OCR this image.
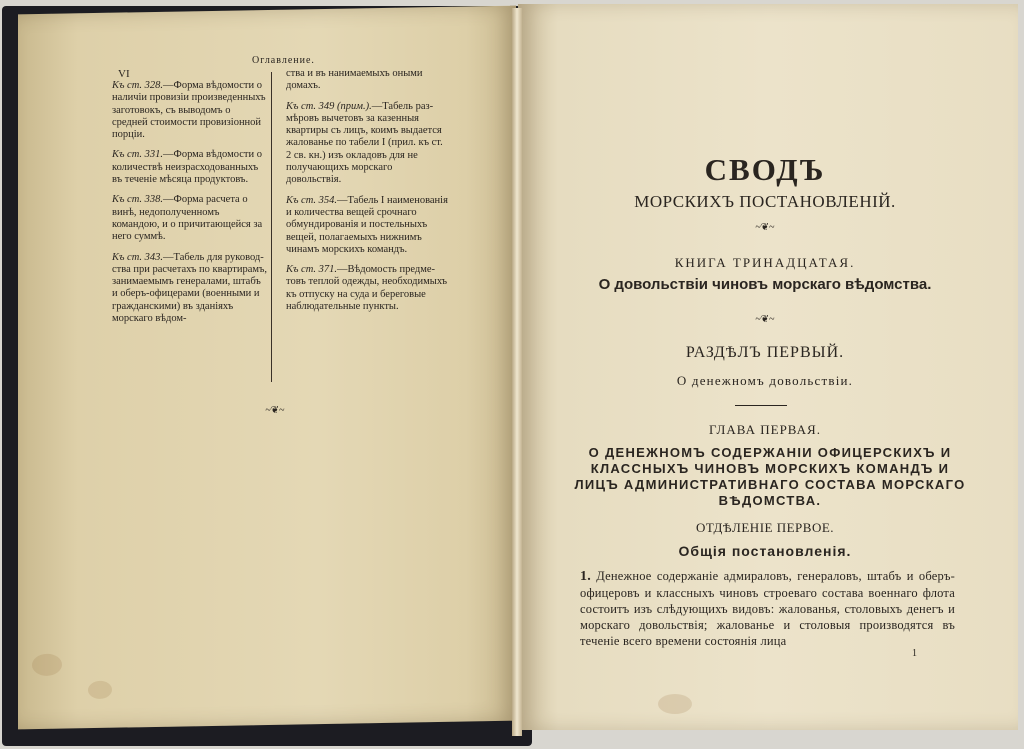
VI
Оглавление.
Къ ст. 328.—Форма вѣдомости о наличіи провизіи произведенныхъ заготовокъ, съ выводомъ о средней стоимости провизіонной порціи.
Къ ст. 331.—Форма вѣдомости о количествѣ неизрасходованныхъ въ теченіе мѣсяца продуктовъ.
Къ ст. 338.—Форма расчета о винѣ, недополученномъ командою, и о причитающейся за него суммѣ.
Къ ст. 343.—Табель для руководства при расчетахъ по квартирамъ, занимаемымъ генералами, штабъ и оберъ-офицерами (военными и гражданскими) въ зданіяхъ морскаго вѣдом-
ства и въ нанимаемыхъ оными домахъ.
Къ ст. 349 (прим.).—Табель размѣровъ вычетовъ за казенныя квартиры съ лицъ, коимъ выдается жалованье по табели I (прил. къ ст. 2 св. кн.) изъ окладовъ для не получающихъ морскаго довольствія.
Къ ст. 354.—Табель I наименованія и количества вещей срочнаго обмундированія и постельныхъ вещей, полагаемыхъ нижнимъ чинамъ морскихъ командъ.
Къ ст. 371.—Вѣдомость предметовъ теплой одежды, необходимыхъ къ отпуску на суда и береговые наблюдательные пункты.
~❦~
СВОДЪ
МОРСКИХЪ ПОСТАНОВЛЕНІЙ.
~❦~
КНИГА ТРИНАДЦАТАЯ.
О довольствіи чиновъ морскаго вѣдомства.
~❦~
РАЗДѢЛЪ ПЕРВЫЙ.
О денежномъ довольствіи.
ГЛАВА ПЕРВАЯ.
О ДЕНЕЖНОМЪ СОДЕРЖАНІИ ОФИЦЕРСКИХЪ И КЛАССНЫХЪ ЧИНОВЪ МОРСКИХЪ КОМАНДЪ И ЛИЦЪ АДМИНИСТРАТИВНАГО СОСТАВА МОРСКАГО ВѢДОМСТВА.
ОТДѢЛЕНІЕ ПЕРВОЕ.
Общія постановленія.
1. Денежное содержаніе адмираловъ, генераловъ, штабъ и оберъ-офицеровъ и классныхъ чиновъ строеваго состава военнаго флота состоитъ изъ слѣдующихъ видовъ: жалованья, столовыхъ денегъ и морскаго довольствія; жалованье и столовыя производятся въ теченіе всего времени состоянія лица
1
